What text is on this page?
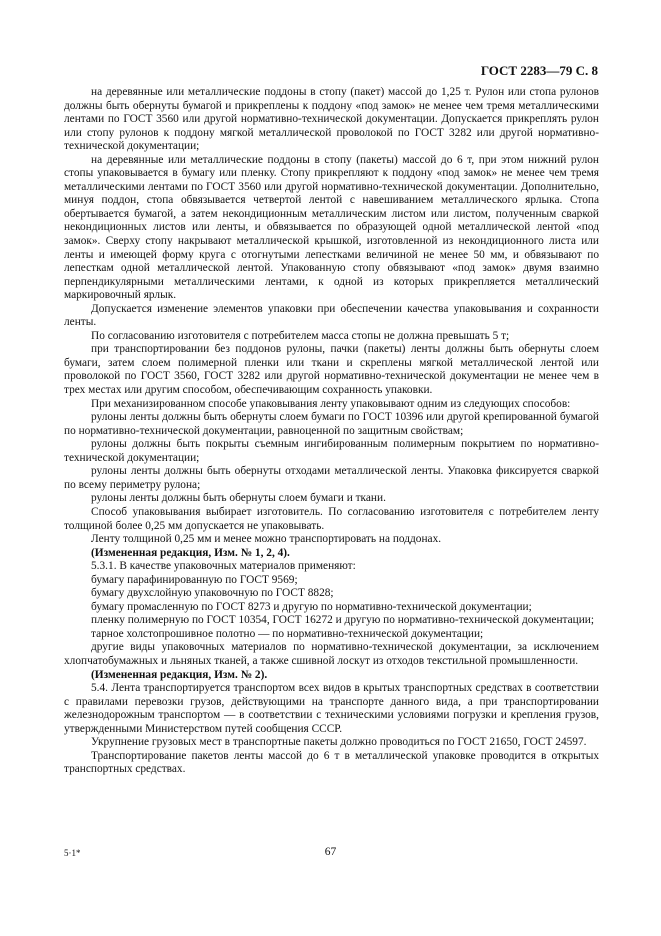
ГОСТ 2283—79 С. 8

на деревянные или металлические поддоны в стопу (пакет) массой до 1,25 т. Рулон или стопа рулонов должны быть обернуты бумагой и прикреплены к поддону «под замок» не менее чем тремя металлическими лентами по ГОСТ 3560 или другой нормативно-технической документации. Допускается прикреплять рулон или стопу рулонов к поддону мягкой металлической проволокой по ГОСТ 3282 или другой нормативно-технической документации;

на деревянные или металлические поддоны в стопу (пакеты) массой до 6 т, при этом нижний рулон стопы упаковывается в бумагу или пленку. Стопу прикрепляют к поддону «под замок» не менее чем тремя металлическими лентами по ГОСТ 3560 или другой нормативно-технической документации. Дополнительно, минуя поддон, стопа обвязывается четвертой лентой с навешиванием металлического ярлыка. Стопа обертывается бумагой, а затем некондиционным металлическим листом или листом, полученным сваркой некондиционных листов или ленты, и обвязывается по образующей одной металлической лентой «под замок». Сверху стопу накрывают металлической крышкой, изготовленной из некондиционного листа или ленты и имеющей форму круга с отогнутыми лепестками величиной не менее 50 мм, и обвязывают по лепесткам одной металлической лентой. Упакованную стопу обвязывают «под замок» двумя взаимно перпендикулярными металлическими лентами, к одной из которых прикрепляется металлический маркировочный ярлык.

Допускается изменение элементов упаковки при обеспечении качества упаковывания и сохранности ленты.

По согласованию изготовителя с потребителем масса стопы не должна превышать 5 т;

при транспортировании без поддонов рулоны, пачки (пакеты) ленты должны быть обернуты слоем бумаги, затем слоем полимерной пленки или ткани и скреплены мягкой металлической лентой или проволокой по ГОСТ 3560, ГОСТ 3282 или другой нормативно-технической документации не менее чем в трех местах или другим способом, обеспечивающим сохранность упаковки.

При механизированном способе упаковывания ленту упаковывают одним из следующих способов:

рулоны ленты должны быть обернуты слоем бумаги по ГОСТ 10396 или другой крепированной бумагой по нормативно-технической документации, равноценной по защитным свойствам;

рулоны должны быть покрыты съемным ингибированным полимерным покрытием по нормативно-технической документации;

рулоны ленты должны быть обернуты отходами металлической ленты. Упаковка фиксируется сваркой по всему периметру рулона;

рулоны ленты должны быть обернуты слоем бумаги и ткани.

Способ упаковывания выбирает изготовитель. По согласованию изготовителя с потребителем ленту толщиной более 0,25 мм допускается не упаковывать.

Ленту толщиной 0,25 мм и менее можно транспортировать на поддонах.

(Измененная редакция, Изм. № 1, 2, 4).

5.3.1. В качестве упаковочных материалов применяют:

бумагу парафинированную по ГОСТ 9569;

бумагу двухслойную упаковочную по ГОСТ 8828;

бумагу промасленную по ГОСТ 8273 и другую по нормативно-технической документации;

пленку полимерную по ГОСТ 10354, ГОСТ 16272 и другую по нормативно-технической документации;

тарное холстопрошивное полотно — по нормативно-технической документации;

другие виды упаковочных материалов по нормативно-технической документации, за исключением хлопчатобумажных и льняных тканей, а также сшивной лоскут из отходов текстильной промышленности.

(Измененная редакция, Изм. № 2).

5.4. Лента транспортируется транспортом всех видов в крытых транспортных средствах в соответствии с правилами перевозки грузов, действующими на транспорте данного вида, а при транспортировании железнодорожным транспортом — в соответствии с техническими условиями погрузки и крепления грузов, утвержденными Министерством путей сообщения СССР.

Укрупнение грузовых мест в транспортные пакеты должно проводиться по ГОСТ 21650, ГОСТ 24597.

Транспортирование пакетов ленты массой до 6 т в металлической упаковке проводится в открытых транспортных средствах.

5·1*	67
